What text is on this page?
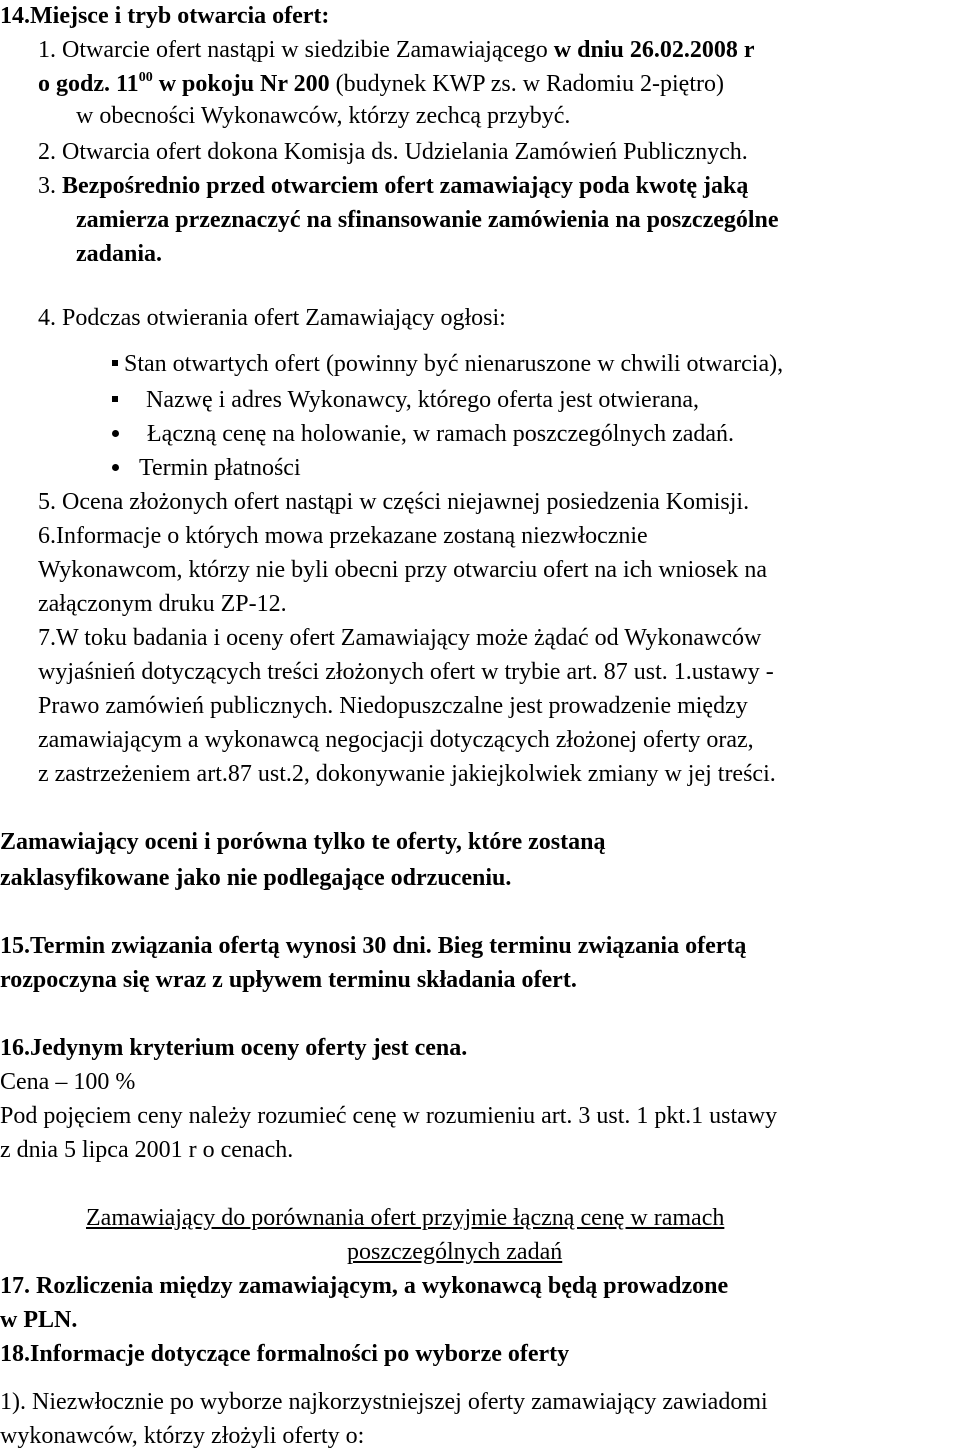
14.Miejsce i tryb otwarcia ofert:
1. Otwarcie ofert nastąpi w siedzibie Zamawiającego w dniu 26.02.2008 r
o godz. $11^{00}$ w pokoju Nr 200 (budynek KWP zs. w Radomiu 2-piętro)
w obecności Wykonawców, którzy zechcą przybyć.
2. Otwarcia ofert dokona Komisja ds. Udzielania Zamówień Publicznych.
3. Bezpośrednio przed otwarciem ofert zamawiający poda kwotę jaką
zamierza przeznaczyć na sfinansowanie zamówienia na poszczególne
zadania.
4. Podczas otwierania ofert Zamawiający ogłosi:
Stan otwartych ofert (powinny być nienaruszone w chwili otwarcia),
Nazwę i adres Wykonawcy, którego oferta jest otwierana,
Łączną cenę na holowanie, w ramach poszczególnych zadań.
Termin płatności
5. Ocena złożonych ofert nastąpi w części niejawnej posiedzenia Komisji.
6.Informacje o których mowa przekazane zostaną niezwłocznie
Wykonawcom, którzy nie byli obecni przy otwarciu ofert na ich wniosek na
załączonym druku ZP-12.
7.W toku badania i oceny ofert Zamawiający może żądać od Wykonawców
wyjaśnień dotyczących treści złożonych ofert w trybie art. 87 ust. 1.ustawy -
Prawo zamówień publicznych. Niedopuszczalne jest prowadzenie między
zamawiającym a wykonawcą negocjacji dotyczących złożonej oferty oraz,
z zastrzeżeniem art.87 ust.2, dokonywanie jakiejkolwiek zmiany w jej treści.
Zamawiający oceni i porówna tylko te oferty, które zostaną
zaklasyfikowane jako nie podlegające odrzuceniu.
15.Termin związania ofertą wynosi 30 dni. Bieg terminu związania ofertą
rozpoczyna się wraz z upływem terminu składania ofert.
16.Jedynym kryterium oceny oferty jest cena.
Cena – 100 %
Pod pojęciem ceny należy rozumieć cenę w rozumieniu art. 3 ust. 1 pkt.1 ustawy
z dnia 5 lipca 2001 r o cenach.
Zamawiający do porównania ofert przyjmie łączną cenę w ramach
poszczególnych zadań
17. Rozliczenia między zamawiającym, a wykonawcą będą prowadzone
w PLN.
18.Informacje dotyczące formalności po wyborze oferty
1). Niezwłocznie po wyborze najkorzystniejszej oferty zamawiający zawiadomi
wykonawców, którzy złożyli oferty o:
